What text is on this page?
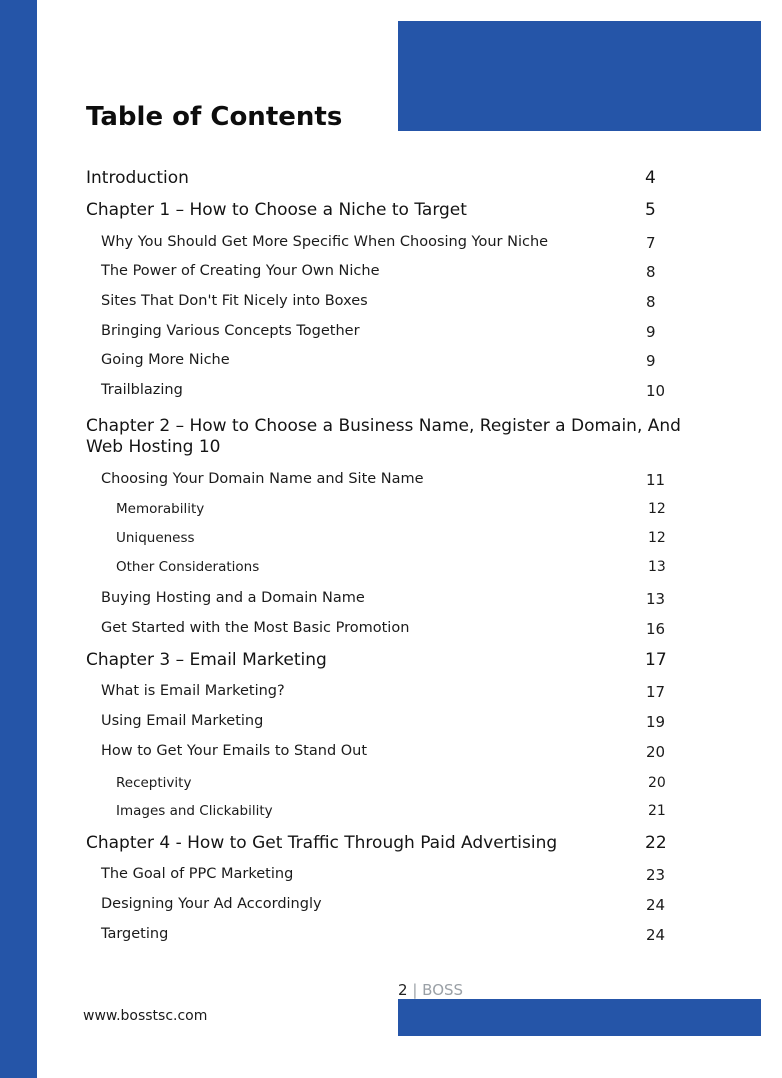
Table of Contents
Introduction	4
Chapter 1 – How to Choose a Niche to Target	5
Why You Should Get More Specific When Choosing Your Niche	7
The Power of Creating Your Own Niche	8
Sites That Don't Fit Nicely into Boxes	8
Bringing Various Concepts Together	9
Going More Niche	9
Trailblazing	10
Chapter 2 – How to Choose a Business Name, Register a Domain, And Web Hosting 10
Choosing Your Domain Name and Site Name	11
Memorability	12
Uniqueness	12
Other Considerations	13
Buying Hosting and a Domain Name	13
Get Started with the Most Basic Promotion	16
Chapter 3 – Email Marketing	17
What is Email Marketing?	17
Using Email Marketing	19
How to Get Your Emails to Stand Out	20
Receptivity	20
Images and Clickability	21
Chapter 4 - How to Get Traffic Through Paid Advertising	22
The Goal of PPC Marketing	23
Designing Your Ad Accordingly	24
Targeting	24
2 | BOSS
www.bosstsc.com
